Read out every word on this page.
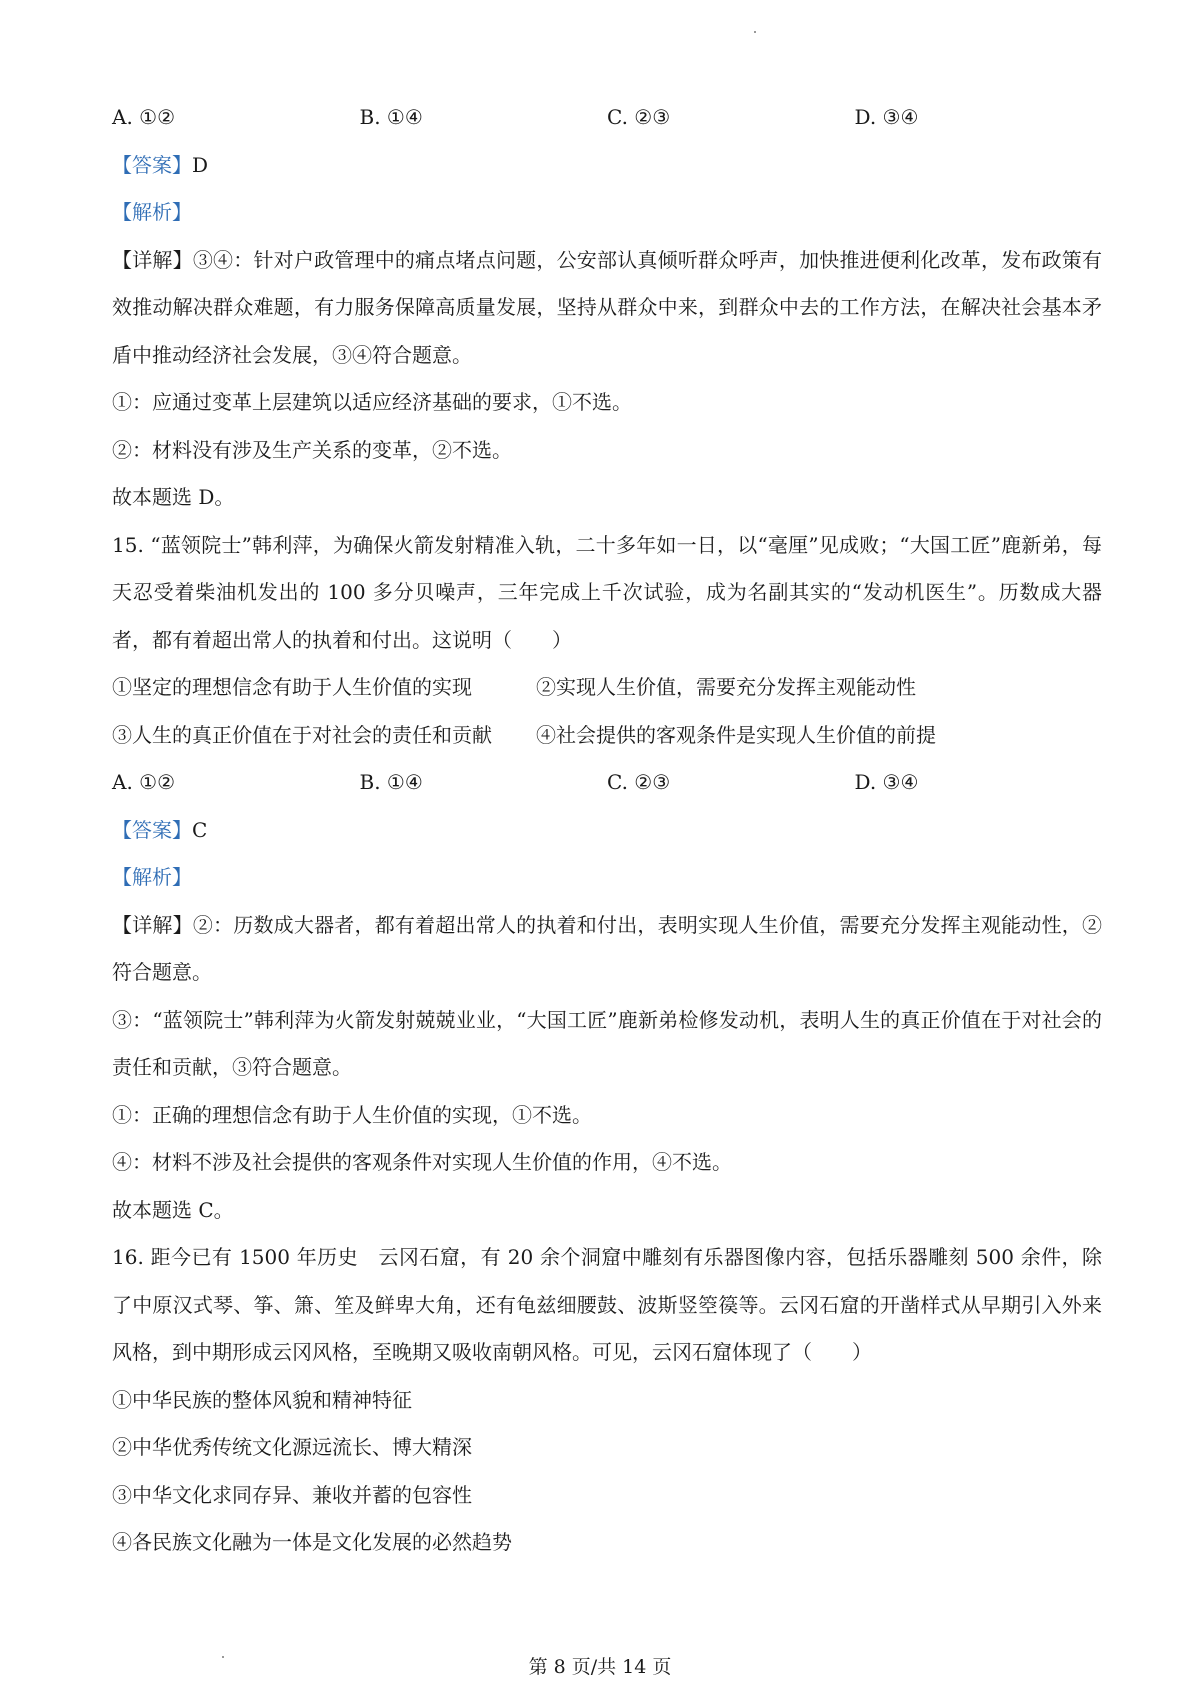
A. ①②	B. ①④	C. ②③	D. ③④
【答案】D
【解析】
【详解】③④：针对户政管理中的痛点堵点问题，公安部认真倾听群众呼声，加快推进便利化改革，发布政策有效推动解决群众难题，有力服务保障高质量发展，坚持从群众中来，到群众中去的工作方法，在解决社会基本矛盾中推动经济社会发展，③④符合题意。
①：应通过变革上层建筑以适应经济基础的要求，①不选。
②：材料没有涉及生产关系的变革，②不选。
故本题选 D。
15. “蓝领院士”韩利萍，为确保火箭发射精准入轨，二十多年如一日，以“毫厘”见成败；“大国工匠”鹿新弟，每天忍受着柴油机发出的 100 多分贝噪声，三年完成上千次试验，成为名副其实的“发动机医生”。历数成大器者，都有着超出常人的执着和付出。这说明（　　）
①坚定的理想信念有助于人生价值的实现	②实现人生价值，需要充分发挥主观能动性
③人生的真正价值在于对社会的责任和贡献	④社会提供的客观条件是实现人生价值的前提
A. ①②	B. ①④	C. ②③	D. ③④
【答案】C
【解析】
【详解】②：历数成大器者，都有着超出常人的执着和付出，表明实现人生价值，需要充分发挥主观能动性，②符合题意。
③：“蓝领院士”韩利萍为火箭发射兢兢业业，“大国工匠”鹿新弟检修发动机，表明人生的真正价值在于对社会的责任和贡献，③符合题意。
①：正确的理想信念有助于人生价值的实现，①不选。
④：材料不涉及社会提供的客观条件对实现人生价值的作用，④不选。
故本题选 C。
16. 距今已有 1500 年历史　云冈石窟，有 20 余个洞窟中雕刻有乐器图像内容，包括乐器雕刻 500 余件，除了中原汉式琴、筝、箫、笙及鲜卑大角，还有龟兹细腰鼓、波斯竖箜篌等。云冈石窟的开凿样式从早期引入外来风格，到中期形成云冈风格，至晚期又吸收南朝风格。可见，云冈石窟体现了（　　）
①中华民族的整体风貌和精神特征
②中华优秀传统文化源远流长、博大精深
③中华文化求同存异、兼收并蓄的包容性
④各民族文化融为一体是文化发展的必然趋势
第 8 页/共 14 页
